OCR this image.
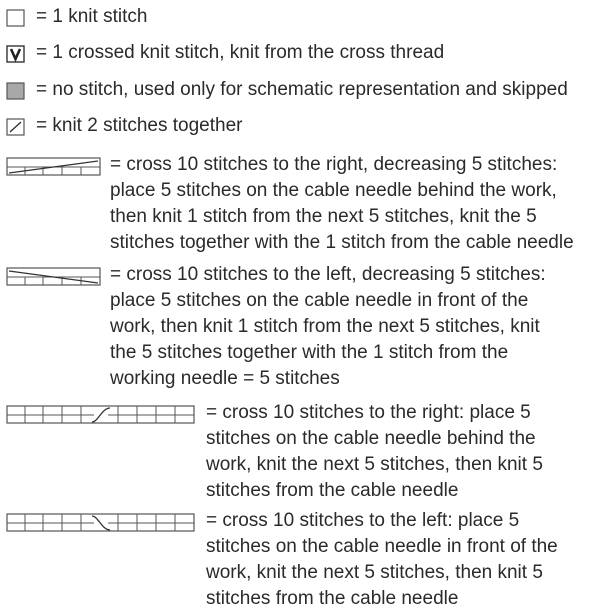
= 1 knit stitch
= 1 crossed knit stitch, knit from the cross thread
= no stitch, used only for schematic representation and skipped
= knit 2 stitches together
= cross 10 stitches to the right, decreasing 5 stitches:
place 5 stitches on the cable needle behind the work,
then knit 1 stitch from the next 5 stitches, knit the 5
stitches together with the 1 stitch from the cable needle
= cross 10 stitches to the left, decreasing 5 stitches:
place 5 stitches on the cable needle in front of the
work, then knit 1 stitch from the next 5 stitches, knit
the 5 stitches together with the 1 stitch from the
working needle = 5 stitches
= cross 10 stitches to the right: place 5
stitches on the cable needle behind the
work, knit the next 5 stitches, then knit 5
stitches from the cable needle
= cross 10 stitches to the left: place 5
stitches on the cable needle in front of the
work, knit the next 5 stitches, then knit 5
stitches from the cable needle
